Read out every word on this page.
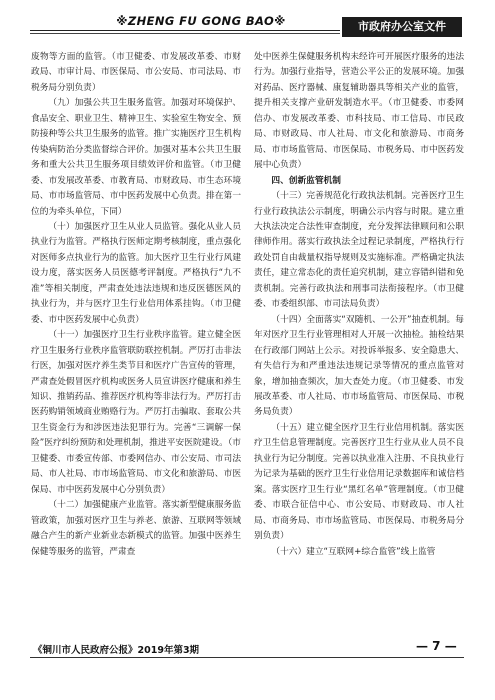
※ZHENG FU GONG BAO※	市政府办公室文件

废物等方面的监管。（市卫健委、市发展改革委、市财政局、市审计局、市医保局、市公安局、市司法局、市税务局分别负责）

（九）加强公共卫生服务监管。加强对环境保护、食品安全、职业卫生、精神卫生、实验室生物安全、预防接种等公共卫生服务的监管。推广实施医疗卫生机构传染病防治分类监督综合评价。加强对基本公共卫生服务和重大公共卫生服务项目绩效评价和监管。（市卫健委、市发展改革委、市教育局、市财政局、市生态环境局、市市场监管局、市中医药发展中心负责。排在第一位的为牵头单位，下同）

（十）加强医疗卫生从业人员监管。强化从业人员执业行为监管。严格执行医师定期考核制度，重点强化对医师多点执业行为的监管。加大医疗卫生行业行风建设力度，落实医务人员医德考评制度。严格执行“九不准”等相关制度，严肃查处违法违规和违反医德医风的执业行为，并与医疗卫生行业信用体系挂钩。（市卫健委、市中医药发展中心负责）

（十一）加强医疗卫生行业秩序监管。建立健全医疗卫生服务行业秩序监管联防联控机制。严厉打击非法行医，加强对医疗养生类节目和医疗广告宣传的管理，严肃查处假冒医疗机构或医务人员宣讲医疗健康和养生知识、推销药品、推荐医疗机构等非法行为。严厉打击医药购销领域商业贿赂行为。严厉打击骗取、套取公共卫生资金行为和涉医违法犯罪行为。完善“三调解一保险”医疗纠纷预防和处理机制，推进平安医院建设。（市卫健委、市委宣传部、市委网信办、市公安局、市司法局、市人社局、市市场监管局、市文化和旅游局、市医保局、市中医药发展中心分别负责）

（十二）加强健康产业监管。落实新型健康服务监管政策，加强对医疗卫生与养老、旅游、互联网等领域融合产生的新产业新业态新模式的监管。加强中医养生保健等服务的监管，严肃查

处中医养生保健服务机构未经许可开展医疗服务的违法行为。加强行业指导，营造公平公正的发展环境。加强对药品、医疗器械、康复辅助器具等相关产业的监管，提升相关支撑产业研发制造水平。（市卫健委、市委网信办、市发展改革委、市科技局、市工信局、市民政局、市财政局、市人社局、市文化和旅游局、市商务局、市市场监管局、市医保局、市税务局、市中医药发展中心负责）

四、创新监管机制

（十三）完善规范化行政执法机制。完善医疗卫生行业行政执法公示制度，明确公示内容与时限。建立重大执法决定合法性审查制度，充分发挥法律顾问和公职律师作用。落实行政执法全过程记录制度，严格执行行政处罚自由裁量权指导规则及实施标准。严格确定执法责任，建立常态化的责任追究机制，建立容错纠错和免责机制。完善行政执法和刑事司法衔接程序。（市卫健委、市委组织部、市司法局负责）

（十四）全面落实“双随机、一公开”抽查机制。每年对医疗卫生行业管理相对人开展一次抽检。抽检结果在行政部门网站上公示。对投诉举报多、安全隐患大、有失信行为和严重违法违规记录等情况的重点监管对象，增加抽查频次，加大查处力度。（市卫健委、市发展改革委、市人社局、市市场监管局、市医保局、市税务局负责）

（十五）建立健全医疗卫生行业信用机制。落实医疗卫生信息管理制度。完善医疗卫生行业从业人员不良执业行为记分制度。完善以执业准入注册、不良执业行为记录为基础的医疗卫生行业信用记录数据库和诚信档案。落实医疗卫生行业“黑红名单”管理制度。（市卫健委、市联合征信中心、市公安局、市财政局、市人社局、市商务局、市市场监管局、市医保局、市税务局分别负责）

（十六）建立“互联网+综合监管”线上监管

《铜川市人民政府公报》2019年第3期	— 7 —
